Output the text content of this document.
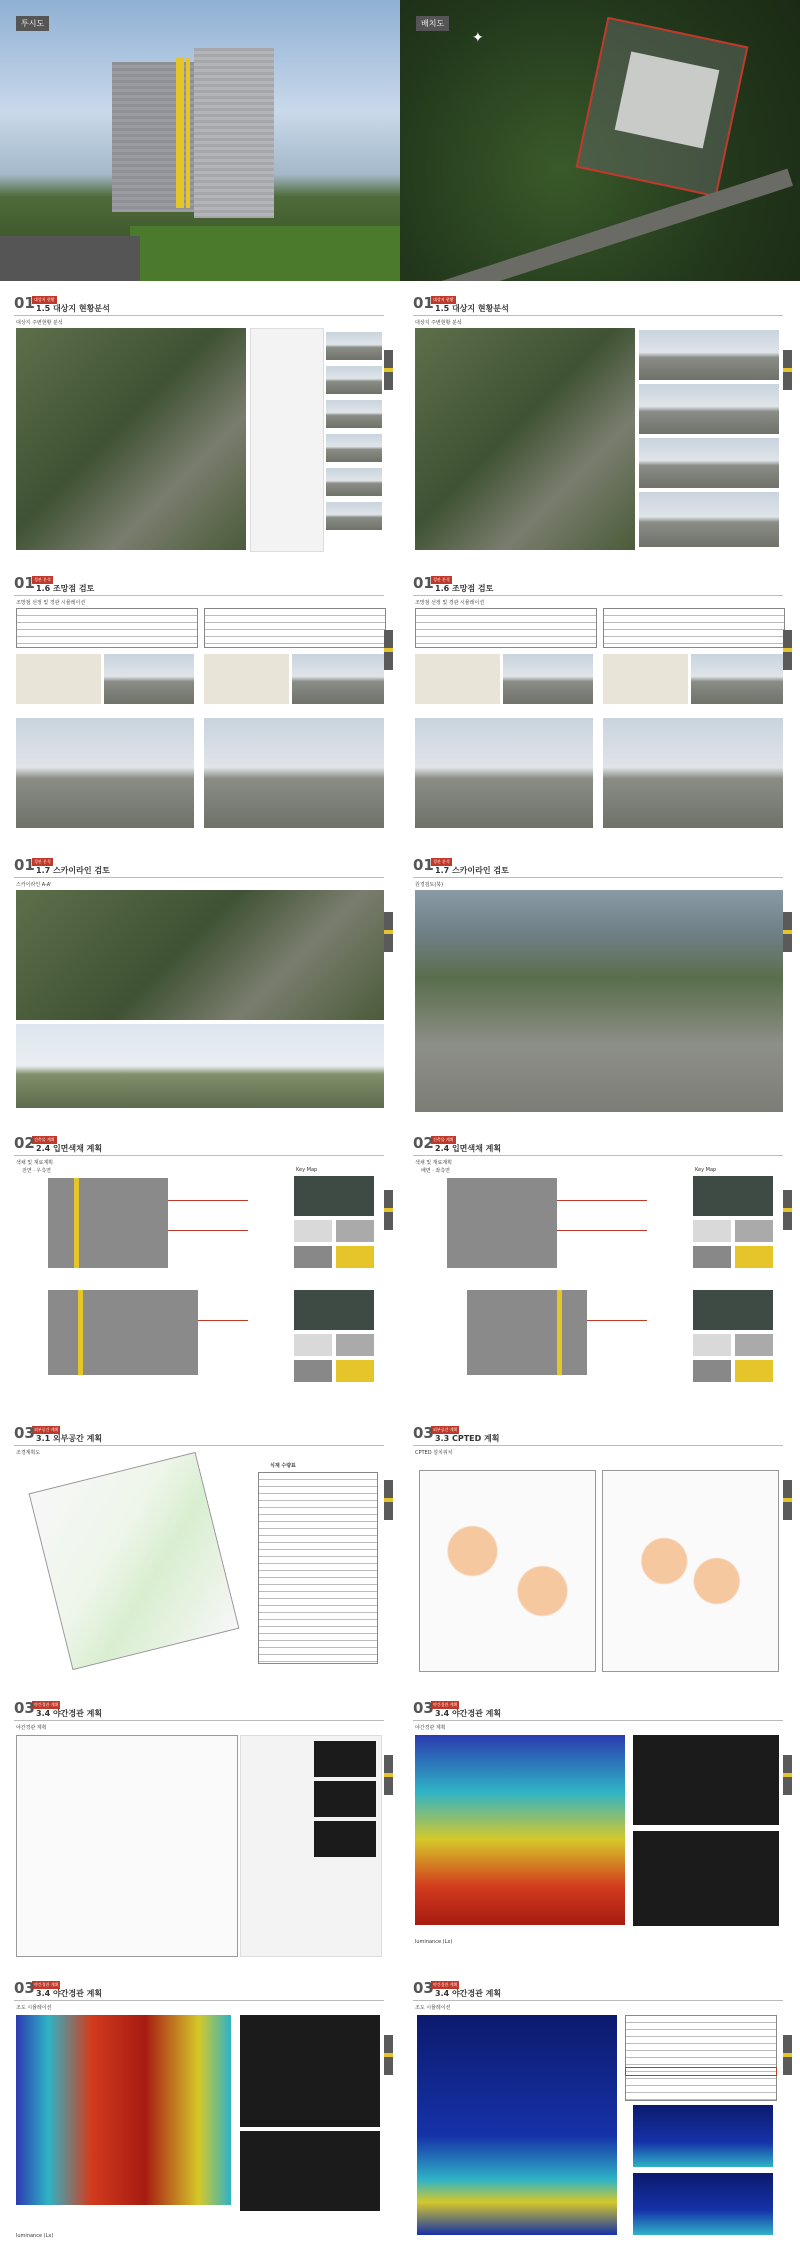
투시도	배치도
✦
대상지 현황
01 1.5 대상지 현황분석
대상지 주변현황 분석
대상지 현황
01 1.5 대상지 현황분석
대상지 주변현황 분석
경관 분석
01 1.6 조망점 검토
조망점 선정 및 경관 시뮬레이션
경관 분석
01 1.6 조망점 검토
조망점 선정 및 경관 시뮬레이션
경관 분석
01 1.7 스카이라인 검토
스카이라인 A-A'
경관 분석
01 1.7 스카이라인 검토
원경검토(북)
건축물 계획
02 2.4 입면색채 계획
색채 및 재료계획
전면 · 우측면	Key Map
건축물 계획
02 2.4 입면색채 계획
색채 및 재료계획
배면 · 좌측면	Key Map
외부공간 계획
03 3.1 외부공간 계획
조경계획도
식재 수량표
외부공간 계획
03 3.3 CPTED 계획
CPTED 설치위치
야간경관 계획
03 3.4 야간경관 계획
야간경관 계획
야간경관 계획
03 3.4 야간경관 계획
야간경관 계획
luminance (Lx)
야간경관 계획
03 3.4 야간경관 계획
조도 시뮬레이션
luminance (Lx)
야간경관 계획
03 3.4 야간경관 계획
조도 시뮬레이션
